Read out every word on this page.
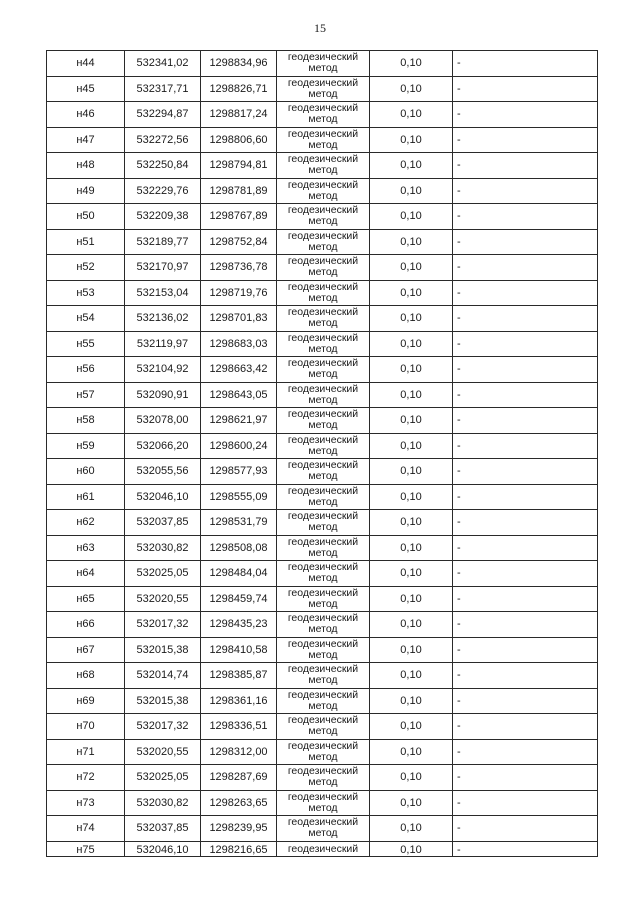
15
н44	532341,02	1298834,96	геодезический метод	0,10	-
н45	532317,71	1298826,71	геодезический метод	0,10	-
н46	532294,87	1298817,24	геодезический метод	0,10	-
н47	532272,56	1298806,60	геодезический метод	0,10	-
н48	532250,84	1298794,81	геодезический метод	0,10	-
н49	532229,76	1298781,89	геодезический метод	0,10	-
н50	532209,38	1298767,89	геодезический метод	0,10	-
н51	532189,77	1298752,84	геодезический метод	0,10	-
н52	532170,97	1298736,78	геодезический метод	0,10	-
н53	532153,04	1298719,76	геодезический метод	0,10	-
н54	532136,02	1298701,83	геодезический метод	0,10	-
н55	532119,97	1298683,03	геодезический метод	0,10	-
н56	532104,92	1298663,42	геодезический метод	0,10	-
н57	532090,91	1298643,05	геодезический метод	0,10	-
н58	532078,00	1298621,97	геодезический метод	0,10	-
н59	532066,20	1298600,24	геодезический метод	0,10	-
н60	532055,56	1298577,93	геодезический метод	0,10	-
н61	532046,10	1298555,09	геодезический метод	0,10	-
н62	532037,85	1298531,79	геодезический метод	0,10	-
н63	532030,82	1298508,08	геодезический метод	0,10	-
н64	532025,05	1298484,04	геодезический метод	0,10	-
н65	532020,55	1298459,74	геодезический метод	0,10	-
н66	532017,32	1298435,23	геодезический метод	0,10	-
н67	532015,38	1298410,58	геодезический метод	0,10	-
н68	532014,74	1298385,87	геодезический метод	0,10	-
н69	532015,38	1298361,16	геодезический метод	0,10	-
н70	532017,32	1298336,51	геодезический метод	0,10	-
н71	532020,55	1298312,00	геодезический метод	0,10	-
н72	532025,05	1298287,69	геодезический метод	0,10	-
н73	532030,82	1298263,65	геодезический метод	0,10	-
н74	532037,85	1298239,95	геодезический метод	0,10	-
н75	532046,10	1298216,65	геодезический	0,10	-
